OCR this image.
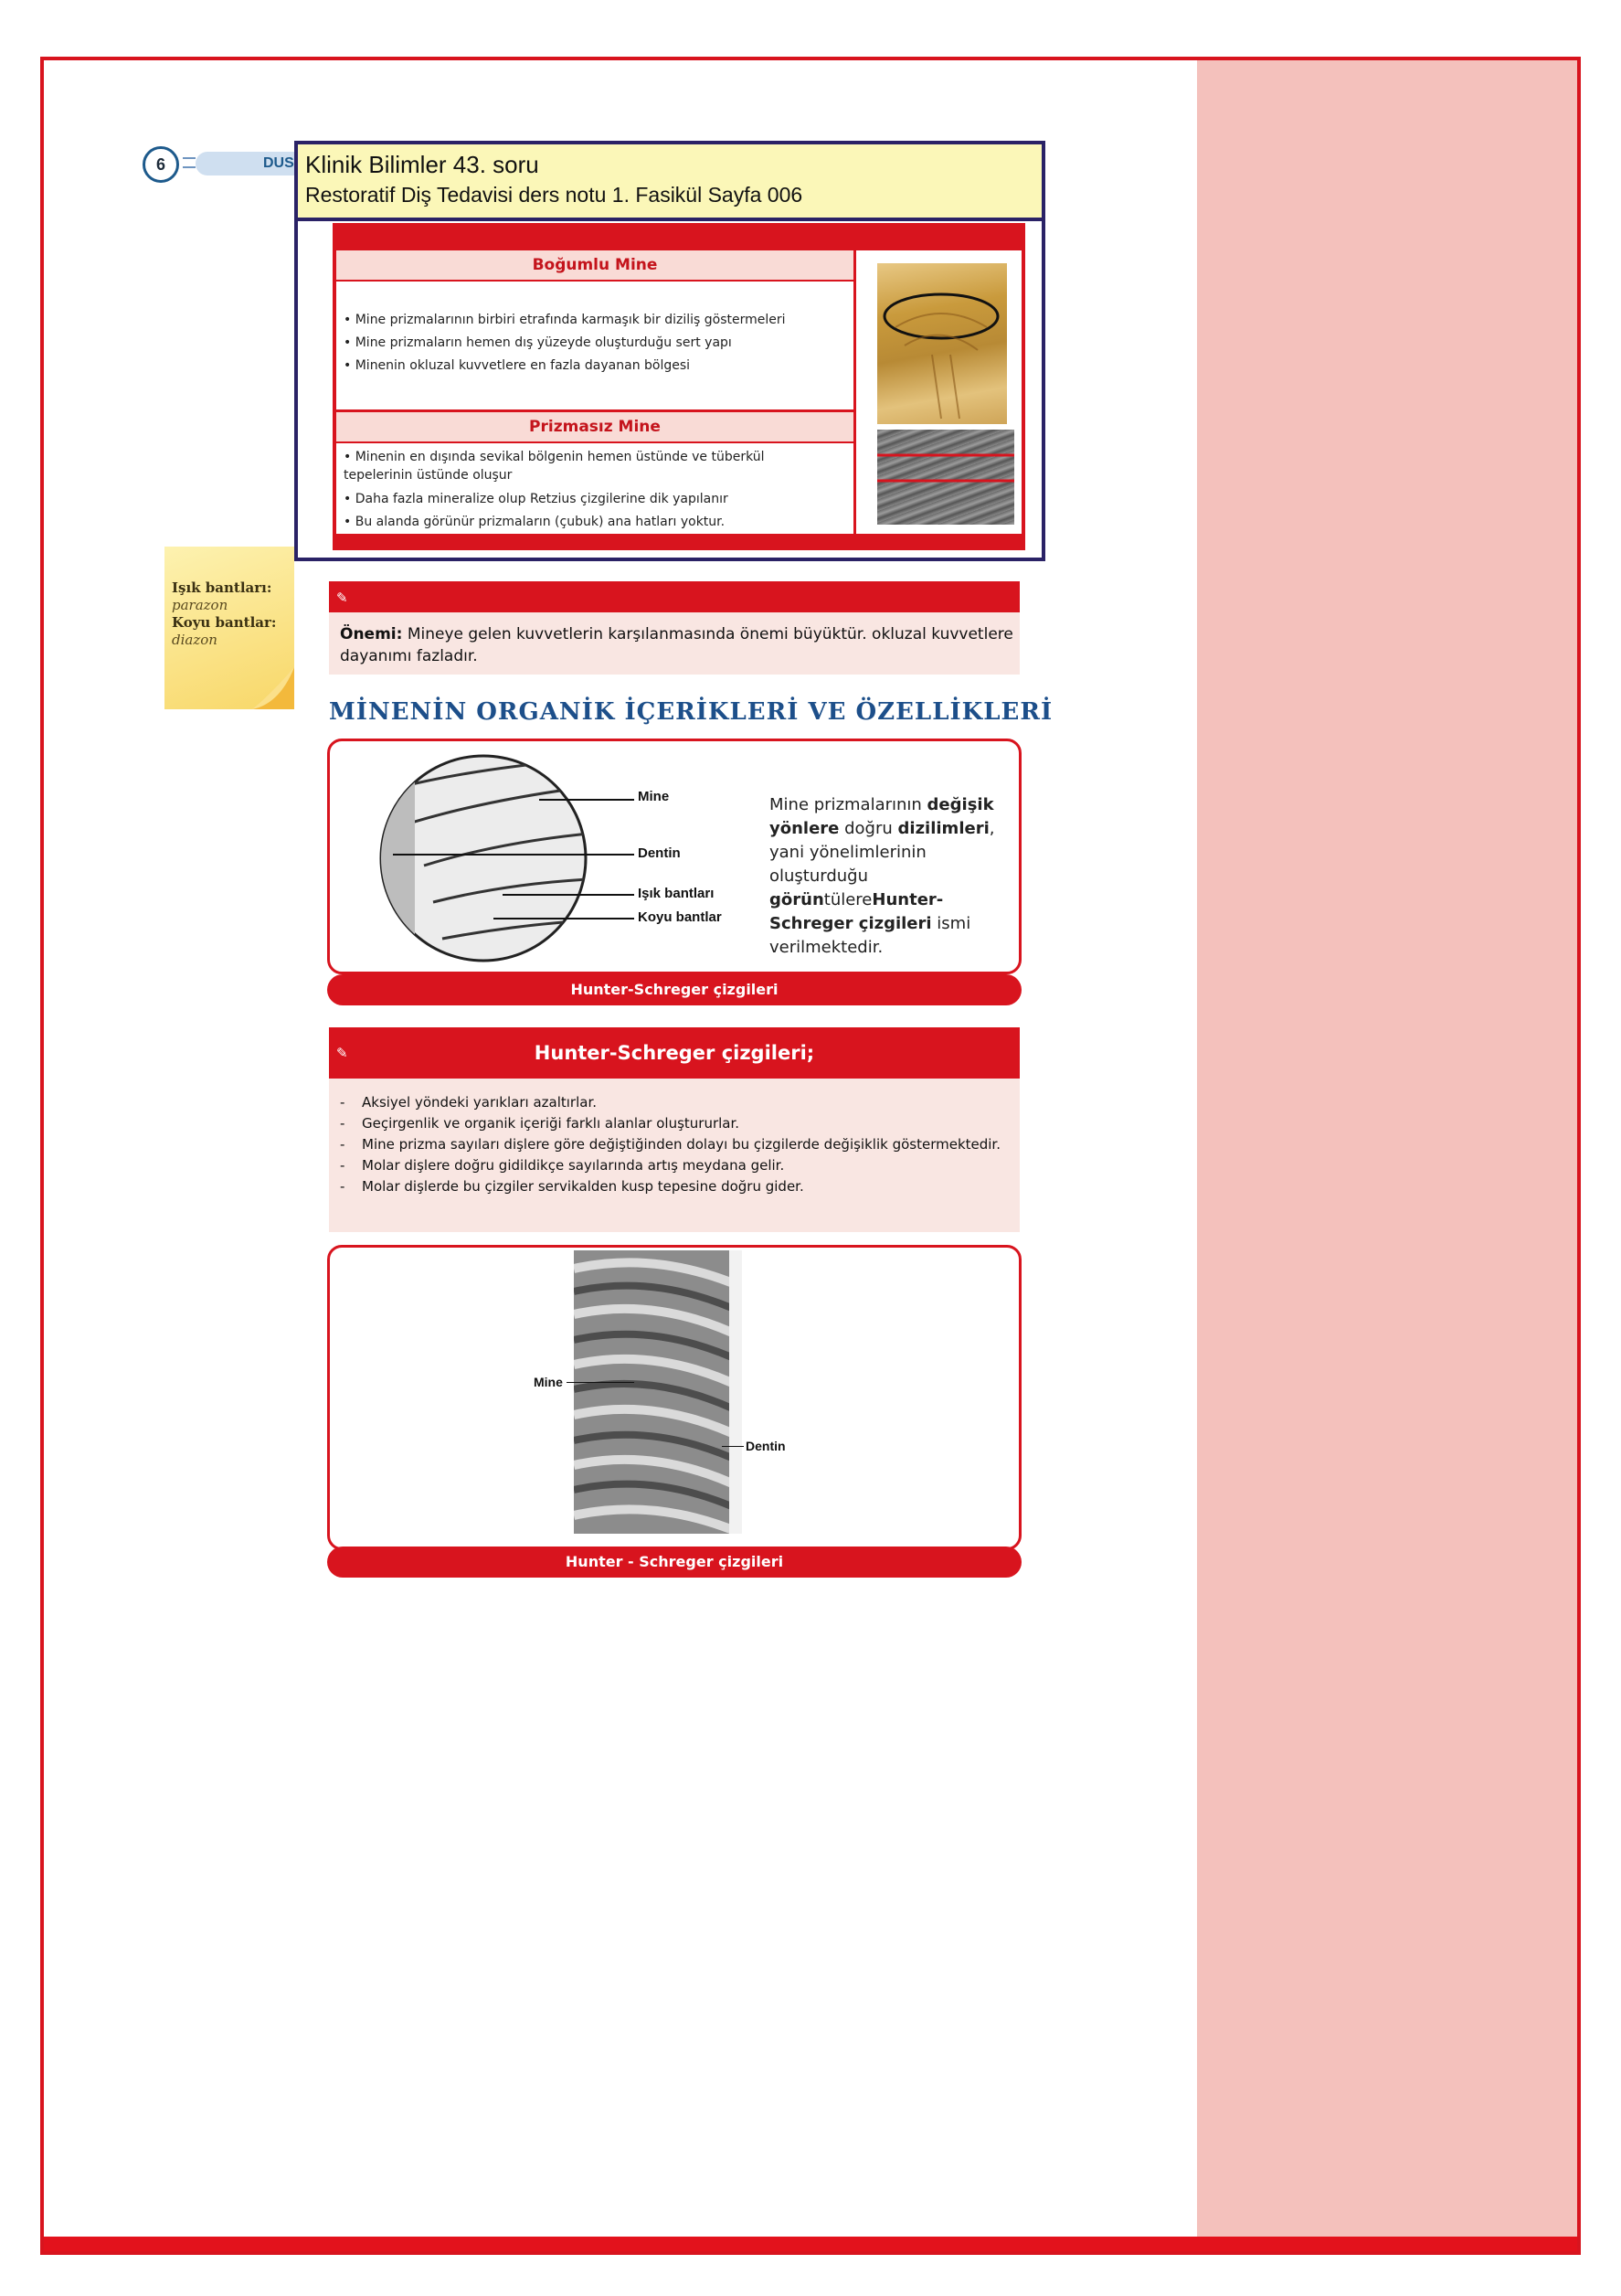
6	DUS Klinik Bilimler 43. soru
Restoratif Diş Tedavisi ders notu 1. Fasikül Sayfa 006
Boğumlu Mine
• Mine prizmalarının birbiri etrafında karmaşık bir diziliş göstermeleri
• Mine prizmaların hemen dış yüzeyde oluşturduğu sert yapı
• Minenin okluzal kuvvetlere en fazla dayanan bölgesi
Prizmasız Mine
• Minenin en dışında sevikal bölgenin hemen üstünde ve tüberkül tepelerinin üstünde oluşur
• Daha fazla mineralize olup Retzius çizgilerine dik yapılanır
• Bu alanda görünür prizmaların (çubuk) ana hatları yoktur.

Işık bantları:

parazon

Koyu bantlar:

diazon

✎
Önemi: Mineye gelen kuvvetlerin karşılanmasında önemi büyüktür. okluzal kuvvetlere dayanımı fazladır.
MİNENİN ORGANİK İÇERİKLERİ VE ÖZELLİKLERİ
Mine
Dentin
Işık bantları
Koyu bantlar
Mine prizmalarının değişik yönlere doğru dizilimleri, yani yönelimlerinin oluşturduğu görüntülereHunter-Schreger çizgileri ismi verilmektedir.
Hunter-Schreger çizgileri
✎	Hunter-Schreger çizgileri;
- Aksiyel yöndeki yarıkları azaltırlar.
- Geçirgenlik ve organik içeriği farklı alanlar oluştururlar.
- Mine prizma sayıları dişlere göre değiştiğinden dolayı bu çizgilerde değişiklik göstermektedir.
- Molar dişlere doğru gidildikçe sayılarında artış meydana gelir.
- Molar dişlerde bu çizgiler servikalden kusp tepesine doğru gider.
Mine
Dentin
Hunter - Schreger çizgileri
